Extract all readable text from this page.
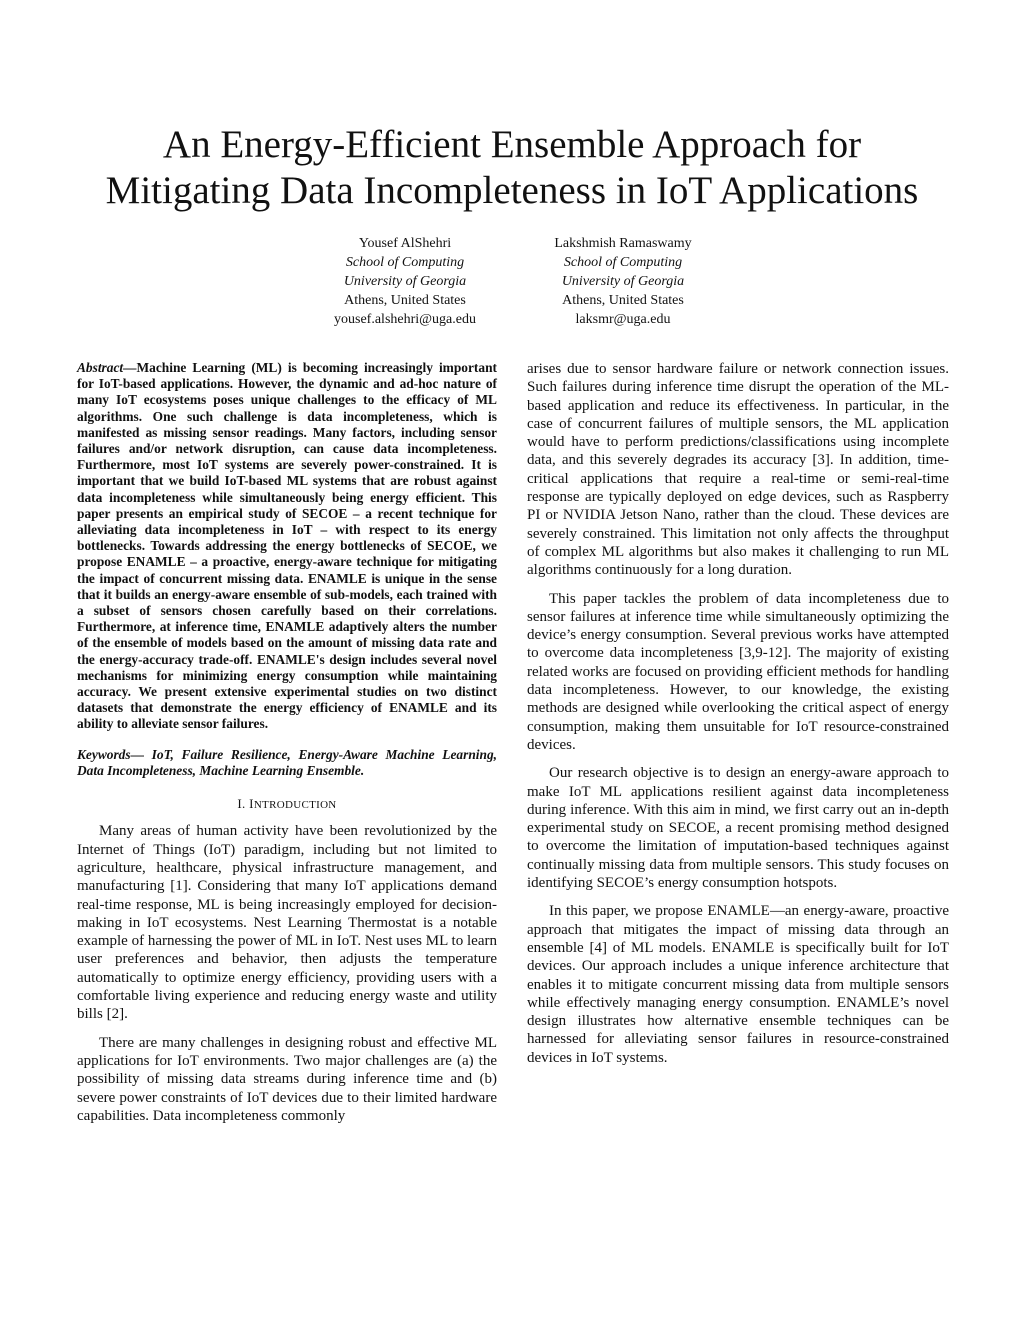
An Energy-Efficient Ensemble Approach for
Mitigating Data Incompleteness in IoT Applications
Yousef AlShehri
School of Computing
University of Georgia
Athens, United States
yousef.alshehri@uga.edu
Lakshmish Ramaswamy
School of Computing
University of Georgia
Athens, United States
laksmr@uga.edu

Abstract—Machine Learning (ML) is becoming increasingly important for IoT-based applications. However, the dynamic and ad-hoc nature of many IoT ecosystems poses unique challenges to the efficacy of ML algorithms. One such challenge is data incompleteness, which is manifested as missing sensor readings. Many factors, including sensor failures and/or network disruption, can cause data incompleteness. Furthermore, most IoT systems are severely power-constrained. It is important that we build IoT-based ML systems that are robust against data incompleteness while simultaneously being energy efficient. This paper presents an empirical study of SECOE – a recent technique for alleviating data incompleteness in IoT – with respect to its energy bottlenecks. Towards addressing the energy bottlenecks of SECOE, we propose ENAMLE – a proactive, energy-aware technique for mitigating the impact of concurrent missing data. ENAMLE is unique in the sense that it builds an energy-aware ensemble of sub-models, each trained with a subset of sensors chosen carefully based on their correlations. Furthermore, at inference time, ENAMLE adaptively alters the number of the ensemble of models based on the amount of missing data rate and the energy-accuracy trade-off. ENAMLE's design includes several novel mechanisms for minimizing energy consumption while maintaining accuracy. We present extensive experimental studies on two distinct datasets that demonstrate the energy efficiency of ENAMLE and its ability to alleviate sensor failures.

Keywords— IoT, Failure Resilience, Energy-Aware Machine Learning, Data Incompleteness, Machine Learning Ensemble.

I. INTRODUCTION

Many areas of human activity have been revolutionized by the Internet of Things (IoT) paradigm, including but not limited to agriculture, healthcare, physical infrastructure management, and manufacturing [1]. Considering that many IoT applications demand real-time response, ML is being increasingly employed for decision-making in IoT ecosystems. Nest Learning Thermostat is a notable example of harnessing the power of ML in IoT. Nest uses ML to learn user preferences and behavior, then adjusts the temperature automatically to optimize energy efficiency, providing users with a comfortable living experience and reducing energy waste and utility bills [2].

There are many challenges in designing robust and effective ML applications for IoT environments. Two major challenges are (a) the possibility of missing data streams during inference time and (b) severe power constraints of IoT devices due to their limited hardware capabilities. Data incompleteness commonly

arises due to sensor hardware failure or network connection issues. Such failures during inference time disrupt the operation of the ML-based application and reduce its effectiveness. In particular, in the case of concurrent failures of multiple sensors, the ML application would have to perform predictions/classifications using incomplete data, and this severely degrades its accuracy [3]. In addition, time-critical applications that require a real-time or semi-real-time response are typically deployed on edge devices, such as Raspberry PI or NVIDIA Jetson Nano, rather than the cloud. These devices are severely constrained. This limitation not only affects the throughput of complex ML algorithms but also makes it challenging to run ML algorithms continuously for a long duration.

This paper tackles the problem of data incompleteness due to sensor failures at inference time while simultaneously optimizing the device’s energy consumption. Several previous works have attempted to overcome data incompleteness [3,9-12]. The majority of existing related works are focused on providing efficient methods for handling data incompleteness. However, to our knowledge, the existing methods are designed while overlooking the critical aspect of energy consumption, making them unsuitable for IoT resource-constrained devices.

Our research objective is to design an energy-aware approach to make IoT ML applications resilient against data incompleteness during inference. With this aim in mind, we first carry out an in-depth experimental study on SECOE, a recent promising method designed to overcome the limitation of imputation-based techniques against continually missing data from multiple sensors. This study focuses on identifying SECOE’s energy consumption hotspots.

In this paper, we propose ENAMLE—an energy-aware, proactive approach that mitigates the impact of missing data through an ensemble [4] of ML models. ENAMLE is specifically built for IoT devices. Our approach includes a unique inference architecture that enables it to mitigate concurrent missing data from multiple sensors while effectively managing energy consumption. ENAMLE’s novel design illustrates how alternative ensemble techniques can be harnessed for alleviating sensor failures in resource-constrained devices in IoT systems.
